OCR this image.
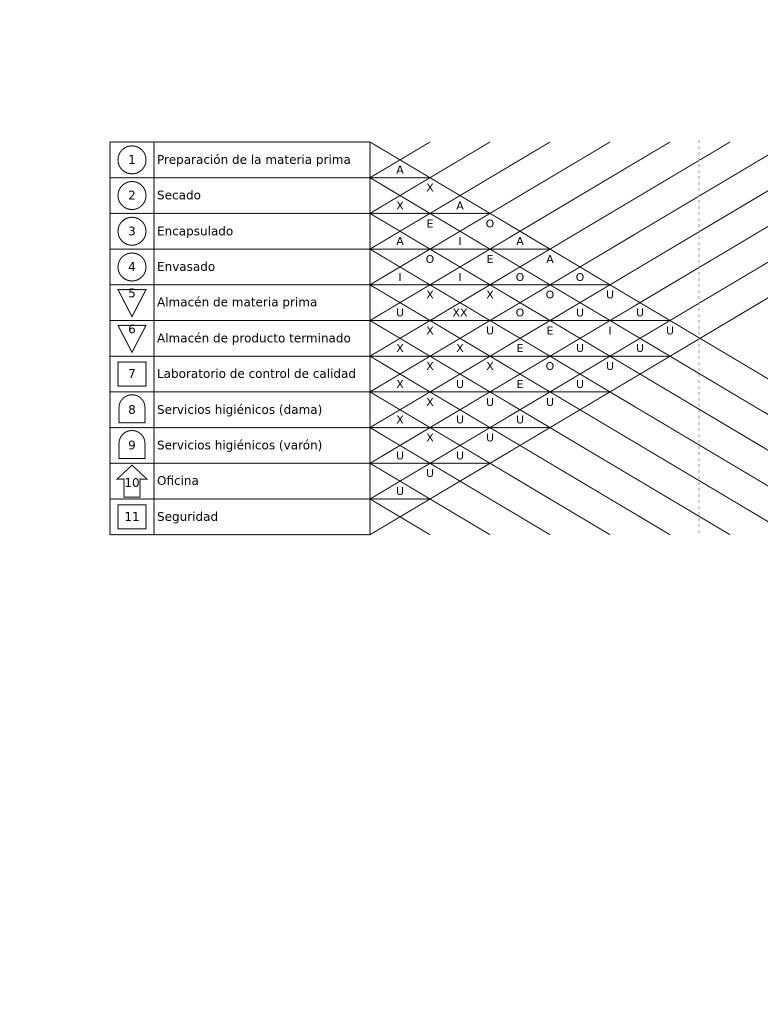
1 Preparación de la materia prima
2 Secado
3 Encapsulado
4 Envasado
5
Almacén de materia prima
6
Almacén de producto terminado
7 Laboratorio de control de calidad
8 Servicios higiénicos (dama)
9 Servicios higiénicos (varón)
10 Oficina
11 Seguridad
A
X
A
O
A
A
O
U
U
U
X
E
I
E
O
O
U
I
U
A
O
I
X
O
E
U
U
I
X
XX
U
E
O
U
U
X
X
X
E
U
X
X
U
U
U
X
X
U
U
X
X
U
U
U
U
